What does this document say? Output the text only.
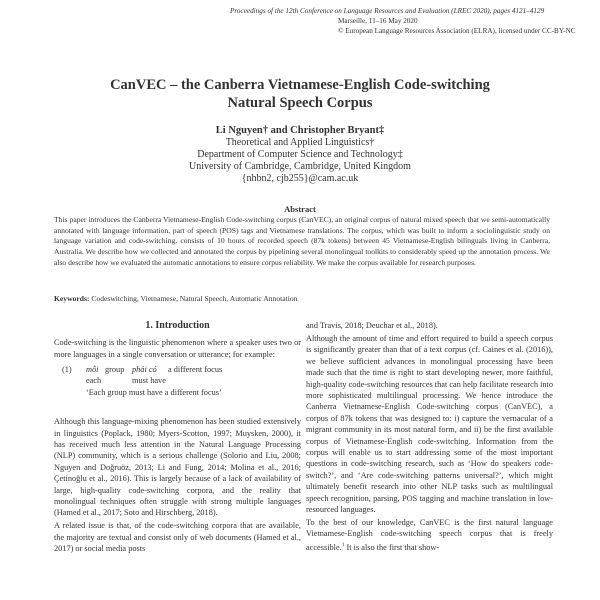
Proceedings of the 12th Conference on Language Resources and Evaluation (LREC 2020), pages 4121–4129
Marseille, 11–16 May 2020
© European Language Resources Association (ELRA), licensed under CC-BY-NC
CanVEC – the Canberra Vietnamese-English Code-switching
Natural Speech Corpus
Li Nguyen† and Christopher Bryant‡
Theoretical and Applied Linguistics†
Department of Computer Science and Technology‡
University of Cambridge, Cambridge, United Kingdom
{nhbn2, cjb255}@cam.ac.uk
Abstract
This paper introduces the Canberra Vietnamese-English Code-switching corpus (CanVEC), an original corpus of natural mixed speech that we semi-automatically annotated with language information, part of speech (POS) tags and Vietnamese translations. The corpus, which was built to inform a sociolinguistic study on language variation and code-switching, consists of 10 hours of recorded speech (87k tokens) between 45 Vietnamese-English bilinguals living in Canberra, Australia. We describe how we collected and annotated the corpus by pipelining several monolingual toolkits to considerably speed up the annotation process. We also describe how we evaluated the automatic annotations to ensure corpus reliability. We make the corpus available for research purposes.
Keywords: Codeswitching, Vietnamese, Natural Speech, Automatic Annotation
1. Introduction

Code-switching is the linguistic phenomenon where a speaker uses two or more languages in a single conversation or utterance; for example:

(1) mỗi group phải có a different focus
each	must have
‘Each group must have a different focus’

Although this language-mixing phenomenon has been studied extensively in linguistics (Poplack, 1980; Myers-Scotton, 1997; Muysken, 2000), it has received much less attention in the Natural Language Processing (NLP) community, which is a serious challenge (Solorio and Liu, 2008; Nguyen and Doğruöz, 2013; Li and Fung, 2014; Molina et al., 2016; Çetinoğlu et al., 2016). This is largely because of a lack of availability of large, high-quality code-switching corpora, and the reality that monolingual techniques often struggle with strong multiple languages (Hamed et al., 2017; Soto and Hirschberg, 2018).

A related issue is that, of the code-switching corpora that are available, the majority are textual and consist only of web documents (Hamed et al., 2017) or social media posts

and Travis, 2018; Deuchar et al., 2018).

Although the amount of time and effort required to build a speech corpus is significantly greater than that of a text corpus (cf. Caines et al. (2016)), we believe sufficient advances in monolingual processing have been made such that the time is right to start developing newer, more faithful, high-quality code-switching resources that can help facilitate research into more sophisticated multilingual processing. We hence introduce the Canberra Vietnamese-English Code-switching corpus (CanVEC), a corpus of 87k tokens that was designed to: i) capture the vernacular of a migrant community in its most natural form, and ii) be the first available corpus of Vietnamese-English code-switching. Information from the corpus will enable us to start addressing some of the most important questions in code-switching research, such as ‘How do speakers code-switch?’, and ‘Are code-switching patterns universal?’, which might ultimately benefit research into other NLP tasks such as multilingual speech recognition, parsing, POS tagging and machine translation in low-resourced languages.

To the best of our knowledge, CanVEC is the first natural language Vietnamese-English code-switching speech corpus that is freely accessible.$^1$ It is also the first that show-
